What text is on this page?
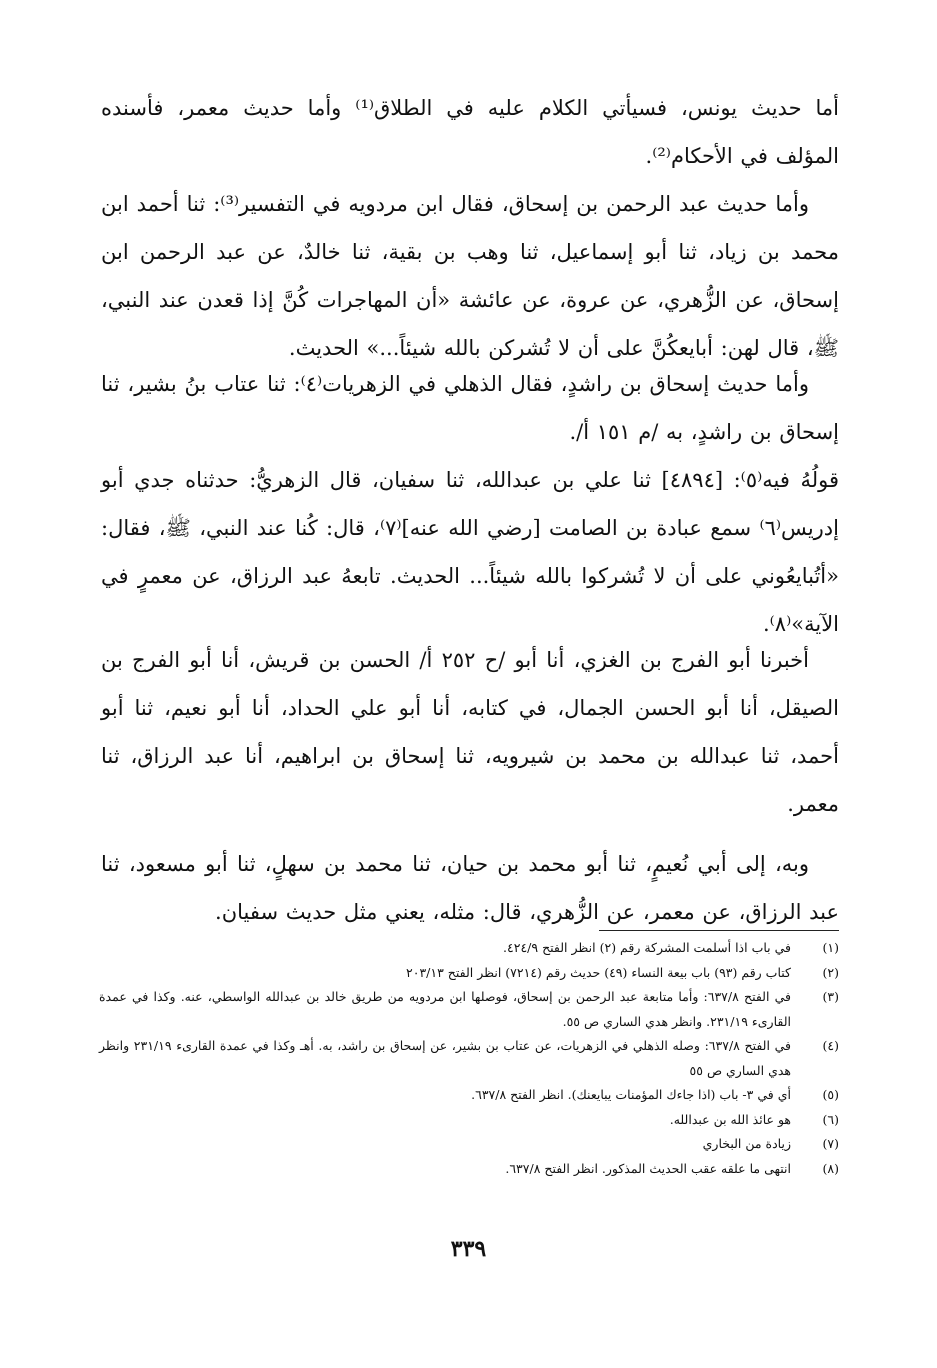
أما حديث يونس، فسيأتي الكلام عليه في الطلاق⁽¹⁾ وأما حديث معمر، فأسنده المؤلف في الأحكام⁽²⁾.

وأما حديث عبد الرحمن بن إسحاق، فقال ابن مردويه في التفسير⁽³⁾: ثنا أحمد ابن محمد بن زياد، ثنا أبو إسماعيل، ثنا وهب بن بقية، ثنا خالدٌ، عن عبد الرحمن ابن إسحاق، عن الزُّهري، عن عروة، عن عائشة «أن المهاجرات كُنَّ إذا قعدن عند النبي، ﷺ، قال لهن: أبايعكُنَّ على أن لا تُشركن بالله شيئاً...» الحديث.

وأما حديث إسحاق بن راشدٍ، فقال الذهلي في الزهريات⁽٤⁾: ثنا عتاب بنُ بشير، ثنا إسحاق بن راشدٍ، به /م ١٥١ أ/.

قولُهُ فيه⁽٥⁾: [٤٨٩٤] ثنا علي بن عبدالله، ثنا سفيان، قال الزهريُّ: حدثناه جدي أبو إدريس⁽٦⁾ سمع عبادة بن الصامت [رضي الله عنه]⁽٧⁾، قال: كُنا عند النبي، ﷺ، فقال: «أتُبايعُوني على أن لا تُشركوا بالله شيئاً... الحديث. تابعهُ عبد الرزاق، عن معمرٍ في الآية»⁽٨⁾.

أخبرنا أبو الفرج بن الغزي، أنا أبو /ح ٢٥٢ أ/ الحسن بن قريش، أنا أبو الفرج بن الصيقل، أنا أبو الحسن الجمال، في كتابه، أنا أبو علي الحداد، أنا أبو نعيم، ثنا أبو أحمد، ثنا عبدالله بن محمد بن شيرويه، ثنا إسحاق بن ابراهيم، أنا عبد الرزاق، ثنا معمر.

وبه، إلى أبي نُعيمٍ، ثنا أبو محمد بن حيان، ثنا محمد بن سهلٍ، ثنا أبو مسعود، ثنا عبد الرزاق، عن معمر، عن الزُّهري، قال: مثله، يعني مثل حديث سفيان.

(١)
في باب اذا أسلمت المشركة رقم (٢) انظر الفتح ٤٢٤/٩.
(٢)
كتاب رقم (٩٣) باب بيعة النساء (٤٩) حديث رقم (٧٢١٤) انظر الفتح ٢٠٣/١٣
(٣)
في الفتح ٦٣٧/٨: وأما متابعة عبد الرحمن بن إسحاق، فوصلها ابن مردويه من طريق خالد بن عبدالله الواسطي، عنه. وكذا في عمدة القارىء ٢٣١/١٩. وانظر هدي الساري ص ٥٥.
(٤)
في الفتح ٦٣٧/٨: وصله الذهلي في الزهريات، عن عتاب بن بشير، عن إسحاق بن راشد، به. أهـ وكذا في عمدة القارىء ٢٣١/١٩ وانظر هدي الساري ص ٥٥
(٥)
أي في ٣- باب (اذا جاءك المؤمنات يبايعنك). انظر الفتح ٦٣٧/٨.
(٦)
هو عائذ الله بن عبدالله.
(٧)
زيادة من البخاري
(٨)
انتهى ما علقه عقب الحديث المذكور. انظر الفتح ٦٣٧/٨.
٣٣٩
